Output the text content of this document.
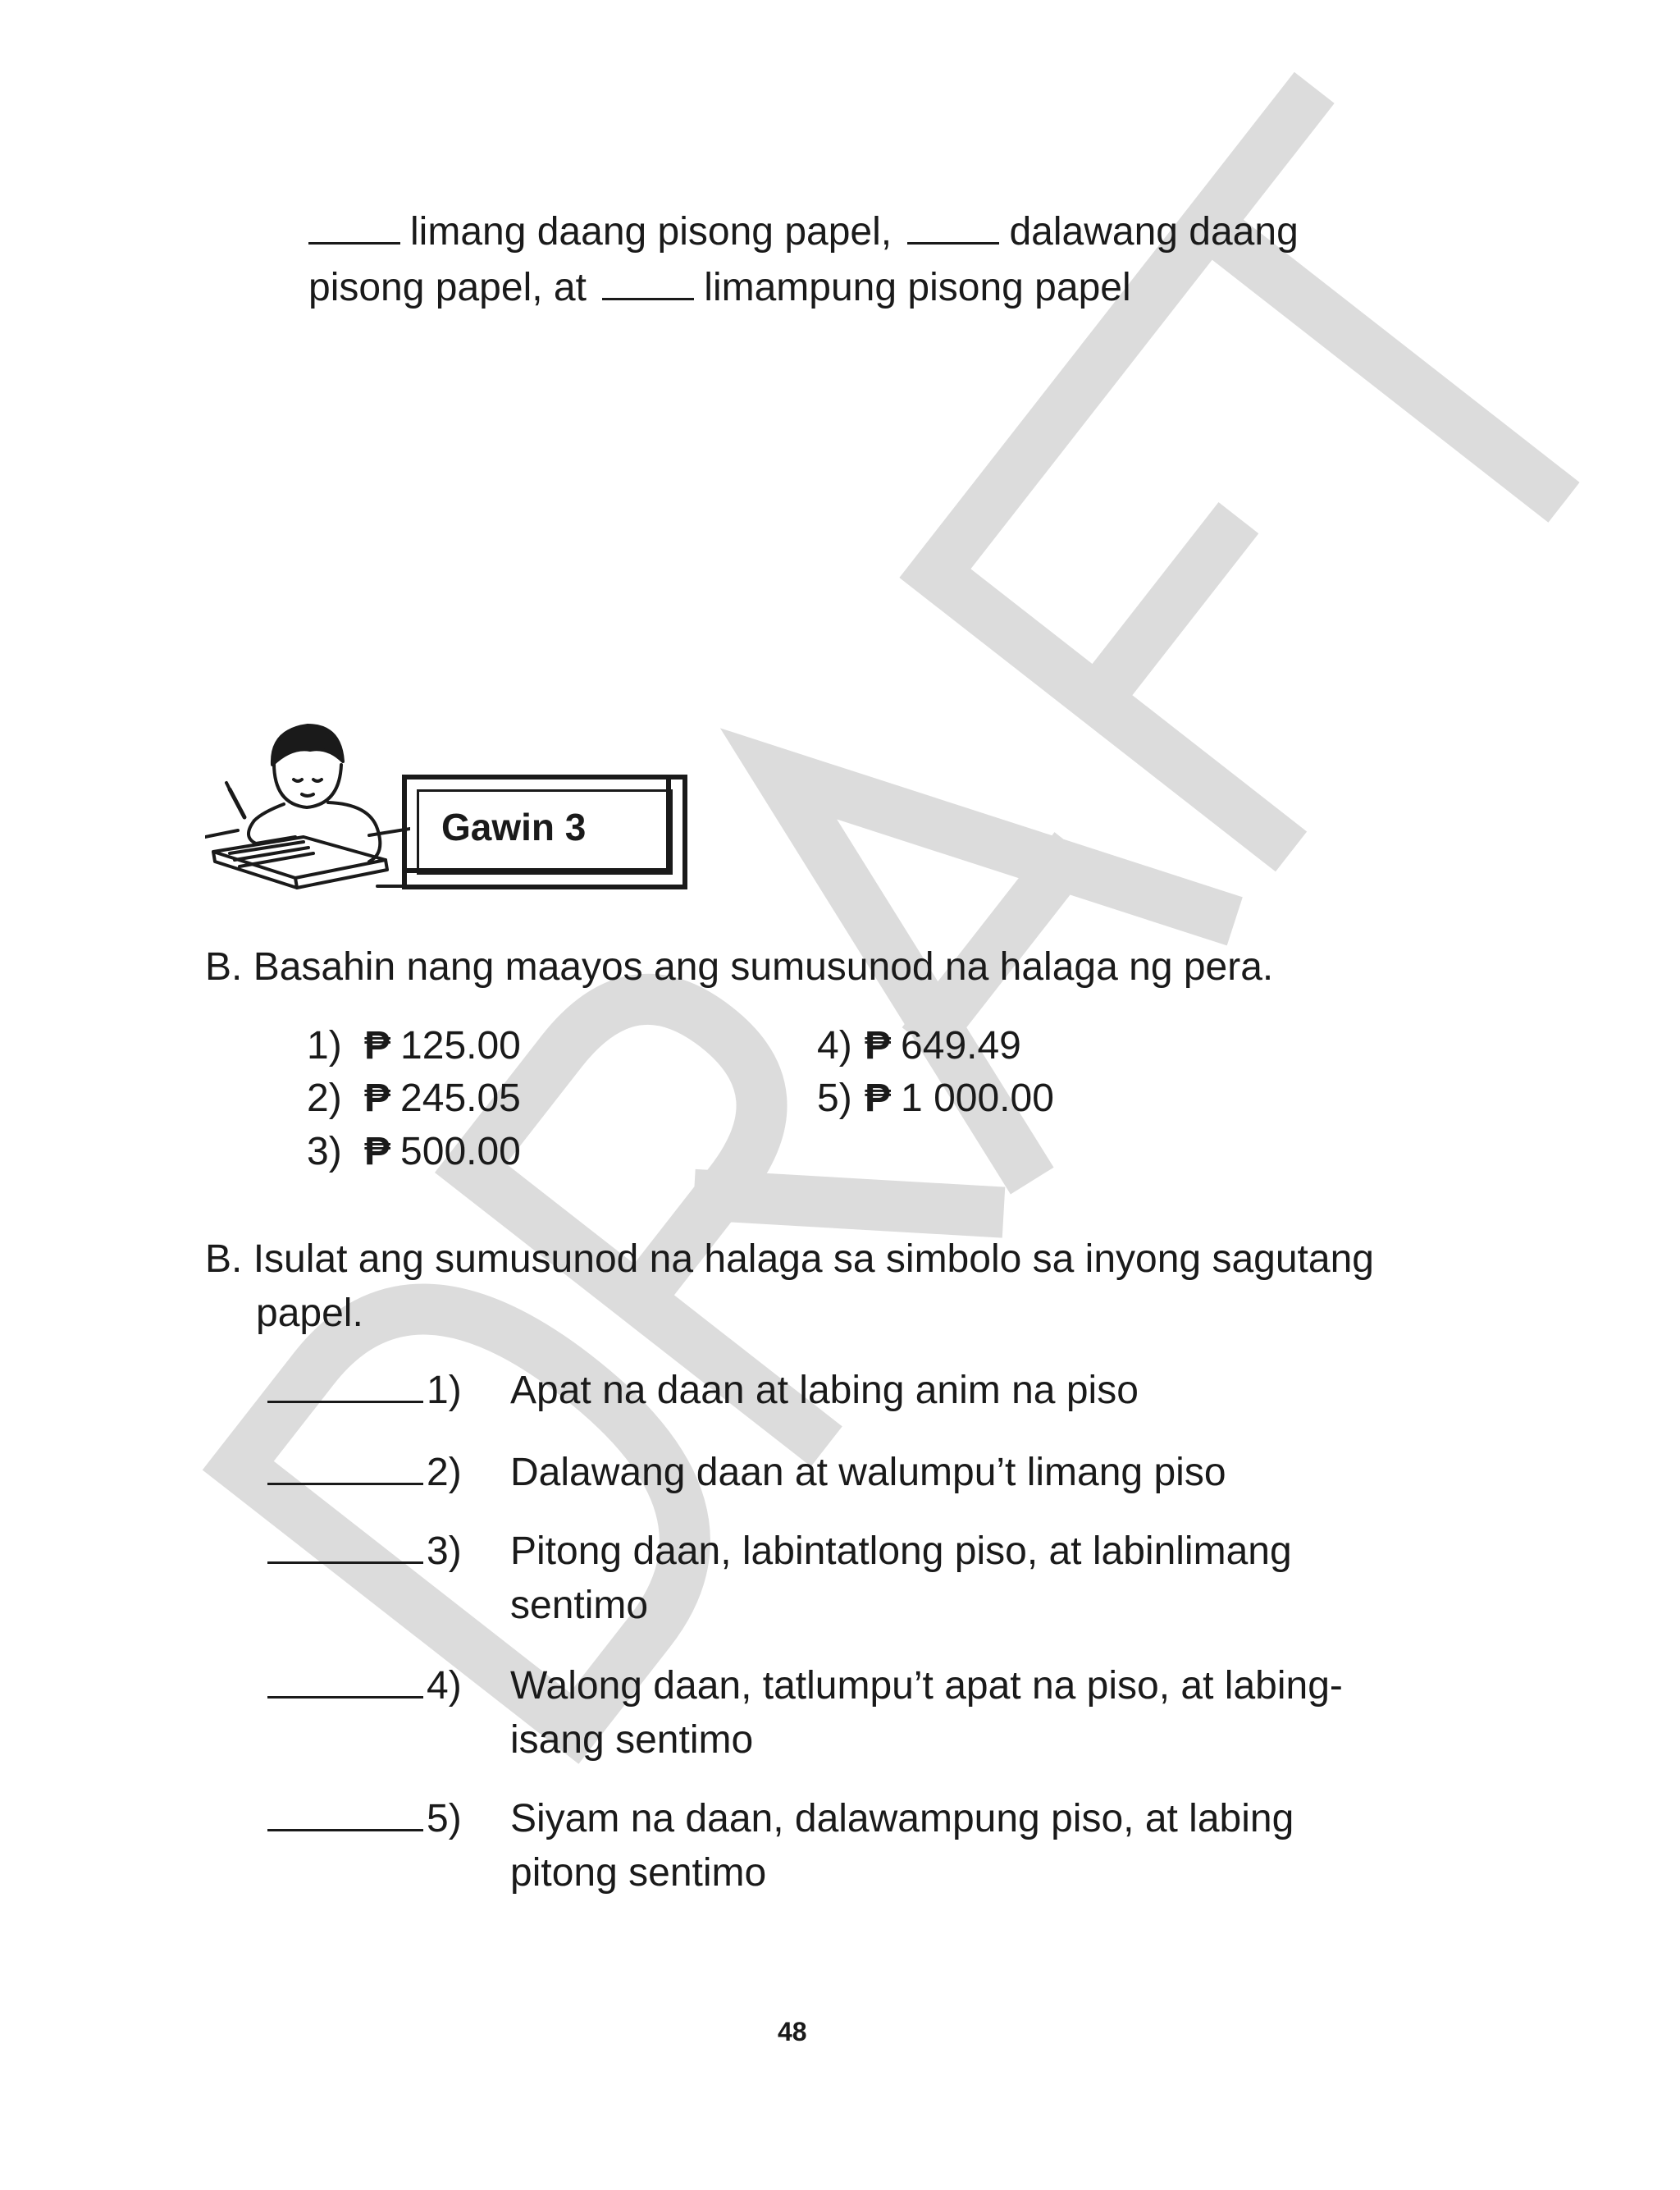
limang daang pisong papel,	dalawang daang
pisong papel, at	limampung pisong papel
Gawin 3
B. Basahin nang maayos ang sumusunod na halaga ng pera.
1) ₱ 125.00
2) ₱ 245.05
3) ₱ 500.00
4) ₱ 649.49
5) ₱ 1 000.00
B. Isulat ang sumusunod na halaga sa simbolo sa inyong sagutang
papel.
1) Apat na daan at labing anim na piso
2) Dalawang daan at walumpu’t limang piso
3) Pitong daan, labintatlong piso, at labinlimang
sentimo
4) Walong daan, tatlumpu’t apat na piso, at labing-
isang sentimo
5) Siyam na daan, dalawampung piso, at labing
pitong sentimo
48
